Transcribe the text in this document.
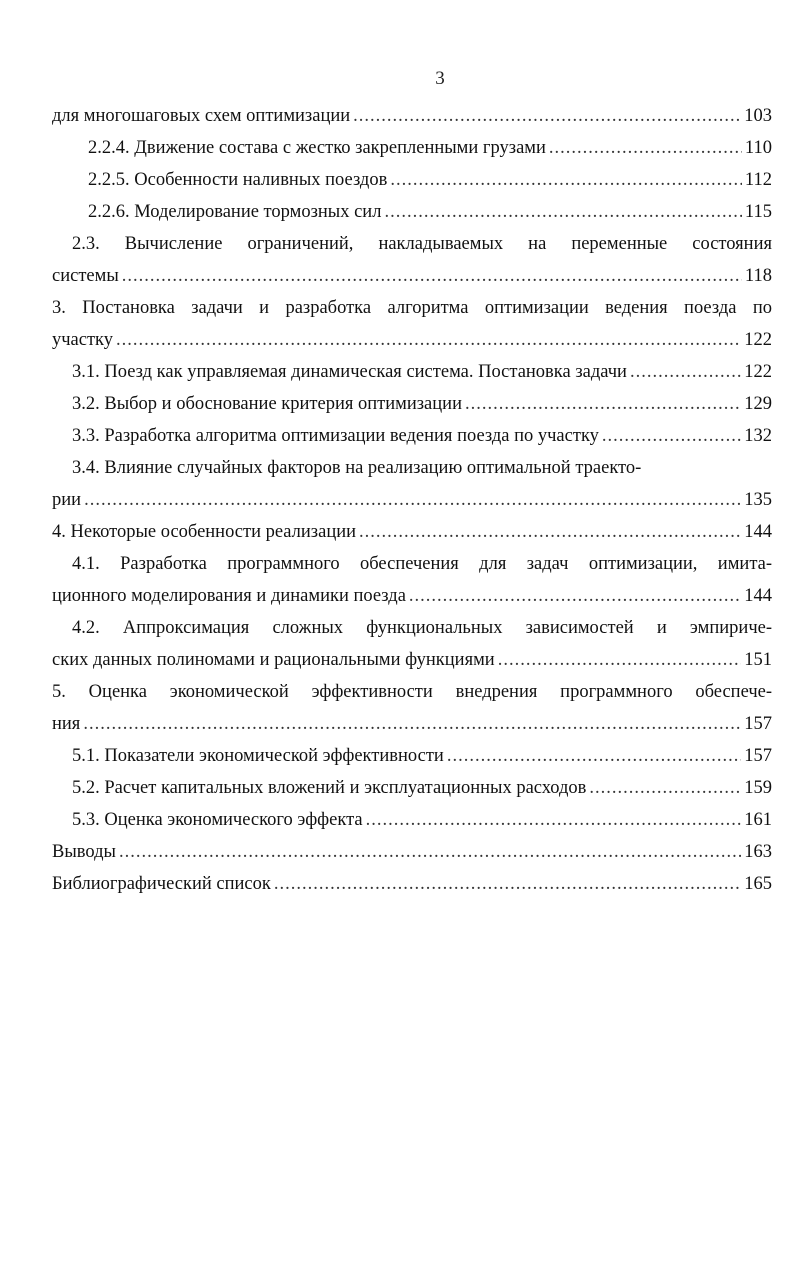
3
для многошаговых схем оптимизации .....	103
2.2.4. Движение состава с жестко закрепленными грузами .....	110
2.2.5. Особенности наливных поездов .....	112
2.2.6. Моделирование тормозных сил .....	115
2.3. Вычисление ограничений, накладываемых на переменные состояния
системы .....	118
3. Постановка задачи и разработка алгоритма оптимизации ведения поезда по
участку .....	122
3.1. Поезд как управляемая динамическая система. Постановка задачи .....	122
3.2. Выбор и обоснование критерия оптимизации .....	129
3.3. Разработка алгоритма оптимизации ведения поезда по участку .....	132
3.4. Влияние случайных факторов на реализацию оптимальной траекто-
рии .....	135
4. Некоторые особенности реализации .....	144
4.1. Разработка программного обеспечения для задач оптимизации, имита-
ционного моделирования и динамики поезда .....	144
4.2. Аппроксимация сложных функциональных зависимостей и эмпириче-
ских данных полиномами и рациональными функциями .....	151
5. Оценка экономической эффективности внедрения программного обеспече-
ния .....	157
5.1. Показатели экономической эффективности .....	157
5.2. Расчет капитальных вложений и эксплуатационных расходов .....	159
5.3. Оценка экономического эффекта .....	161
Выводы .....	163
Библиографический список .....	165
